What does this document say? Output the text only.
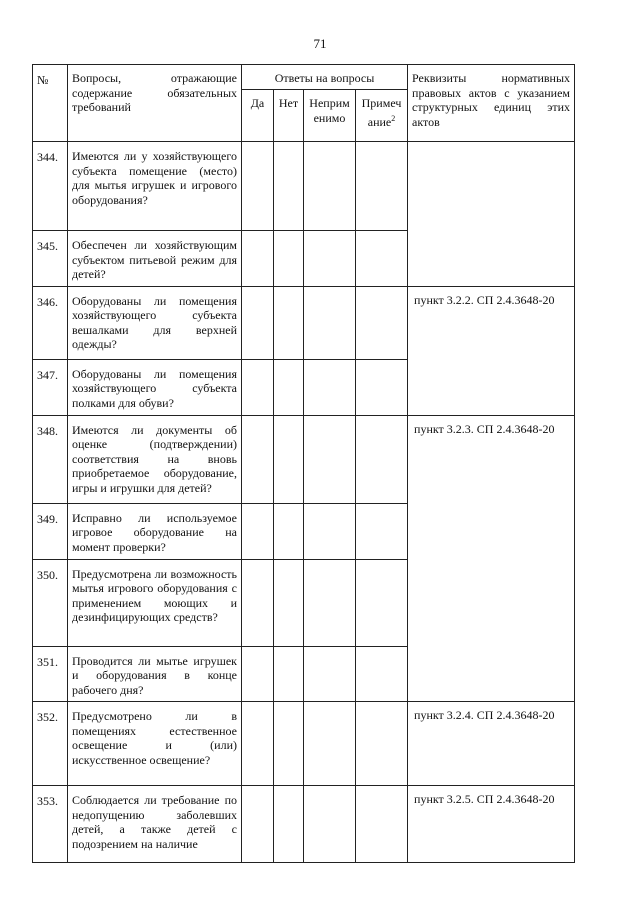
71
№	Вопросы, отражающие содержание обязательных требований	Ответы на вопросы				Реквизиты нормативных правовых актов с указанием структурных единиц этих актов
		Да	Нет	Неприм енимо	Примеч ание$^2$
344.	Имеются ли у хозяйствующего субъекта помещение (место) для мытья игрушек и игрового оборудования?					
345.	Обеспечен ли хозяйствующим субъектом питьевой режим для детей?					
346.	Оборудованы ли помещения хозяйствующего субъекта вешалками для верхней одежды?					пункт 3.2.2. СП 2.4.3648-20
347.	Оборудованы ли помещения хозяйствующего субъекта полками для обуви?					
348.	Имеются ли документы об оценке (подтверждении) соответствия на вновь приобретаемое оборудование, игры и игрушки для детей?					пункт 3.2.3. СП 2.4.3648-20
349.	Исправно ли используемое игровое оборудование на момент проверки?					
350.	Предусмотрена ли возможность мытья игрового оборудования с применением моющих и дезинфицирующих средств?					
351.	Проводится ли мытье игрушек и оборудования в конце рабочего дня?					
352.	Предусмотрено ли в помещениях естественное освещение и (или) искусственное освещение?					пункт 3.2.4. СП 2.4.3648-20
353.	Соблюдается ли требование по недопущению заболевших детей, а также детей с подозрением на наличие					пункт 3.2.5. СП 2.4.3648-20
